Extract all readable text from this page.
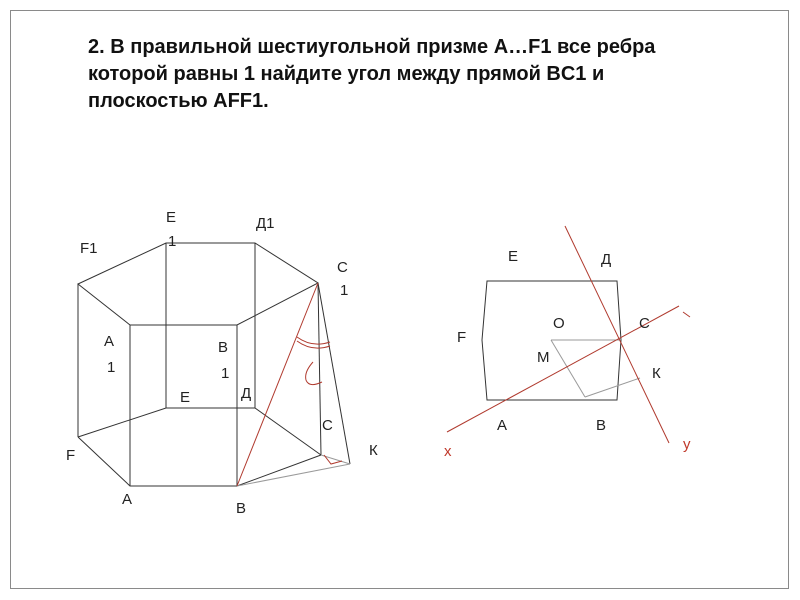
2. В правильной шестиугольной призме А…F1 все ребра которой равны 1 найдите угол между прямой BC1 и плоскостью AFF1.

F1
Е
1
Д1
С
1
А
1
В
1
Е	Д
С
К
F
А
В
Е	Д
F
О	С
М
К
А	В
х	у
